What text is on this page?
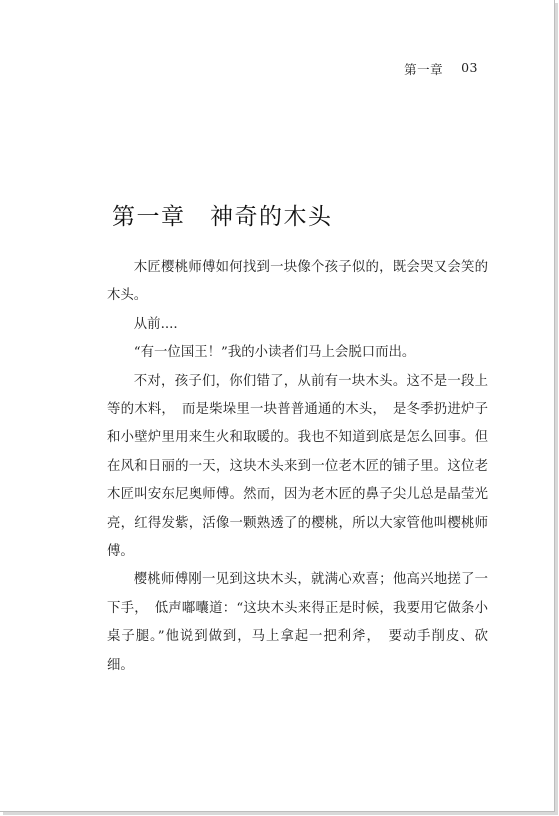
第一章 03
第一章　神奇的木头

木匠樱桃师傅如何找到一块像个孩子似的，既会哭又会笑的木头。

从前....

“有一位国王！”我的小读者们马上会脱口而出。

不对，孩子们，你们错了，从前有一块木头。这不是一段上等的木料，　而是柴垛里一块普普通通的木头，　是冬季扔进炉子和小壁炉里用来生火和取暖的。我也不知道到底是怎么回事。但在风和日丽的一天，这块木头来到一位老木匠的铺子里。这位老木匠叫安东尼奥师傅。然而，因为老木匠的鼻子尖儿总是晶莹光亮，红得发紫，活像一颗熟透了的樱桃，所以大家管他叫樱桃师傅。

樱桃师傅刚一见到这块木头，就满心欢喜；他高兴地搓了一下手，　低声嘟囔道：“这块木头来得正是时候，我要用它做条小桌子腿。”他说到做到，马上拿起一把利斧，　要动手削皮、砍细。
